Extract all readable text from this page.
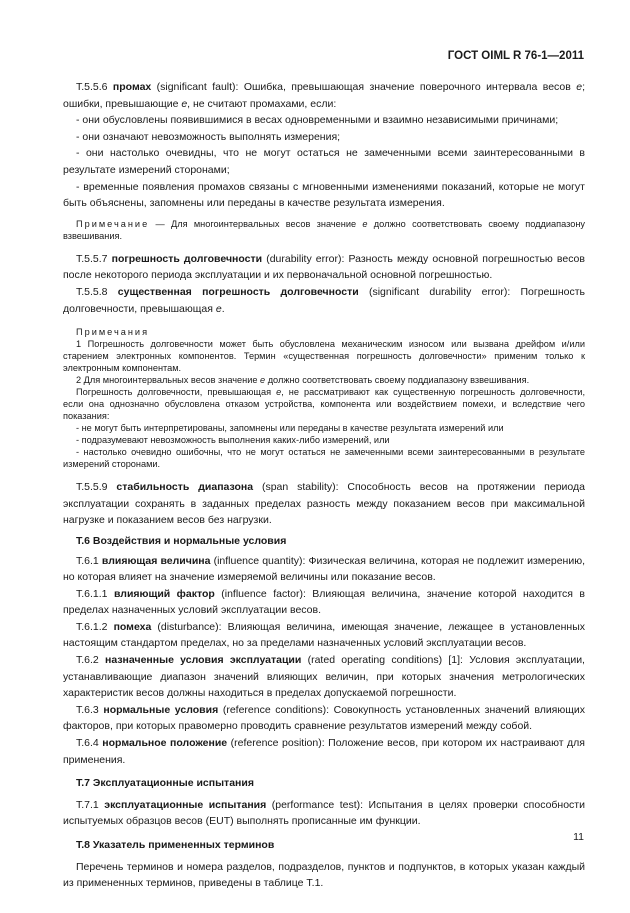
ГОСТ OIML R 76-1—2011

Т.5.5.6 промах (significant fault): Ошибка, превышающая значение поверочного интервала весов е; ошибки, превышающие е, не считают промахами, если:

- они обусловлены появившимися в весах одновременными и взаимно независимыми причинами;

- они означают невозможность выполнять измерения;

- они настолько очевидны, что не могут остаться не замеченными всеми заинтересованными в результате измерений сторонами;

- временные появления промахов связаны с мгновенными изменениями показаний, которые не могут быть объяснены, запомнены или переданы в качестве результата измерения.

Примечание — Для многоинтервальных весов значение е должно соответствовать своему поддиапазону взвешивания.

Т.5.5.7 погрешность долговечности (durability error): Разность между основной погрешностью весов после некоторого периода эксплуатации и их первоначальной основной погрешностью.

Т.5.5.8 существенная погрешность долговечности (significant durability error): Погрешность долговечности, превышающая е.

Примечания

1 Погрешность долговечности может быть обусловлена механическим износом или вызвана дрейфом и/или старением электронных компонентов. Термин «существенная погрешность долговечности» применим только к электронным компонентам.

2 Для многоинтервальных весов значение е должно соответствовать своему поддиапазону взвешивания.

Погрешность долговечности, превышающая е, не рассматривают как существенную погрешность долговечности, если она однозначно обусловлена отказом устройства, компонента или воздействием помехи, и вследствие чего показания:

- не могут быть интерпретированы, запомнены или переданы в качестве результата измерений или

- подразумевают невозможность выполнения каких-либо измерений, или

- настолько очевидно ошибочны, что не могут остаться не замеченными всеми заинтересованными в результате измерений сторонами.

Т.5.5.9 стабильность диапазона (span stability): Способность весов на протяжении периода эксплуатации сохранять в заданных пределах разность между показанием весов при максимальной нагрузке и показанием весов без нагрузки.

Т.6 Воздействия и нормальные условия

Т.6.1 влияющая величина (influence quantity): Физическая величина, которая не подлежит измерению, но которая влияет на значение измеряемой величины или показание весов.

Т.6.1.1 влияющий фактор (influence factor): Влияющая величина, значение которой находится в пределах назначенных условий эксплуатации весов.

Т.6.1.2 помеха (disturbance): Влияющая величина, имеющая значение, лежащее в установленных настоящим стандартом пределах, но за пределами назначенных условий эксплуатации весов.

Т.6.2 назначенные условия эксплуатации (rated operating conditions) [1]: Условия эксплуатации, устанавливающие диапазон значений влияющих величин, при которых значения метрологических характеристик весов должны находиться в пределах допускаемой погрешности.

Т.6.3 нормальные условия (reference conditions): Совокупность установленных значений влияющих факторов, при которых правомерно проводить сравнение результатов измерений между собой.

Т.6.4 нормальное положение (reference position): Положение весов, при котором их настраивают для применения.

Т.7 Эксплуатационные испытания

Т.7.1 эксплуатационные испытания (performance test): Испытания в целях проверки способности испытуемых образцов весов (EUT) выполнять прописанные им функции.

Т.8 Указатель примененных терминов

Перечень терминов и номера разделов, подразделов, пунктов и подпунктов, в которых указан каждый из примененных терминов, приведены в таблице Т.1.

11
